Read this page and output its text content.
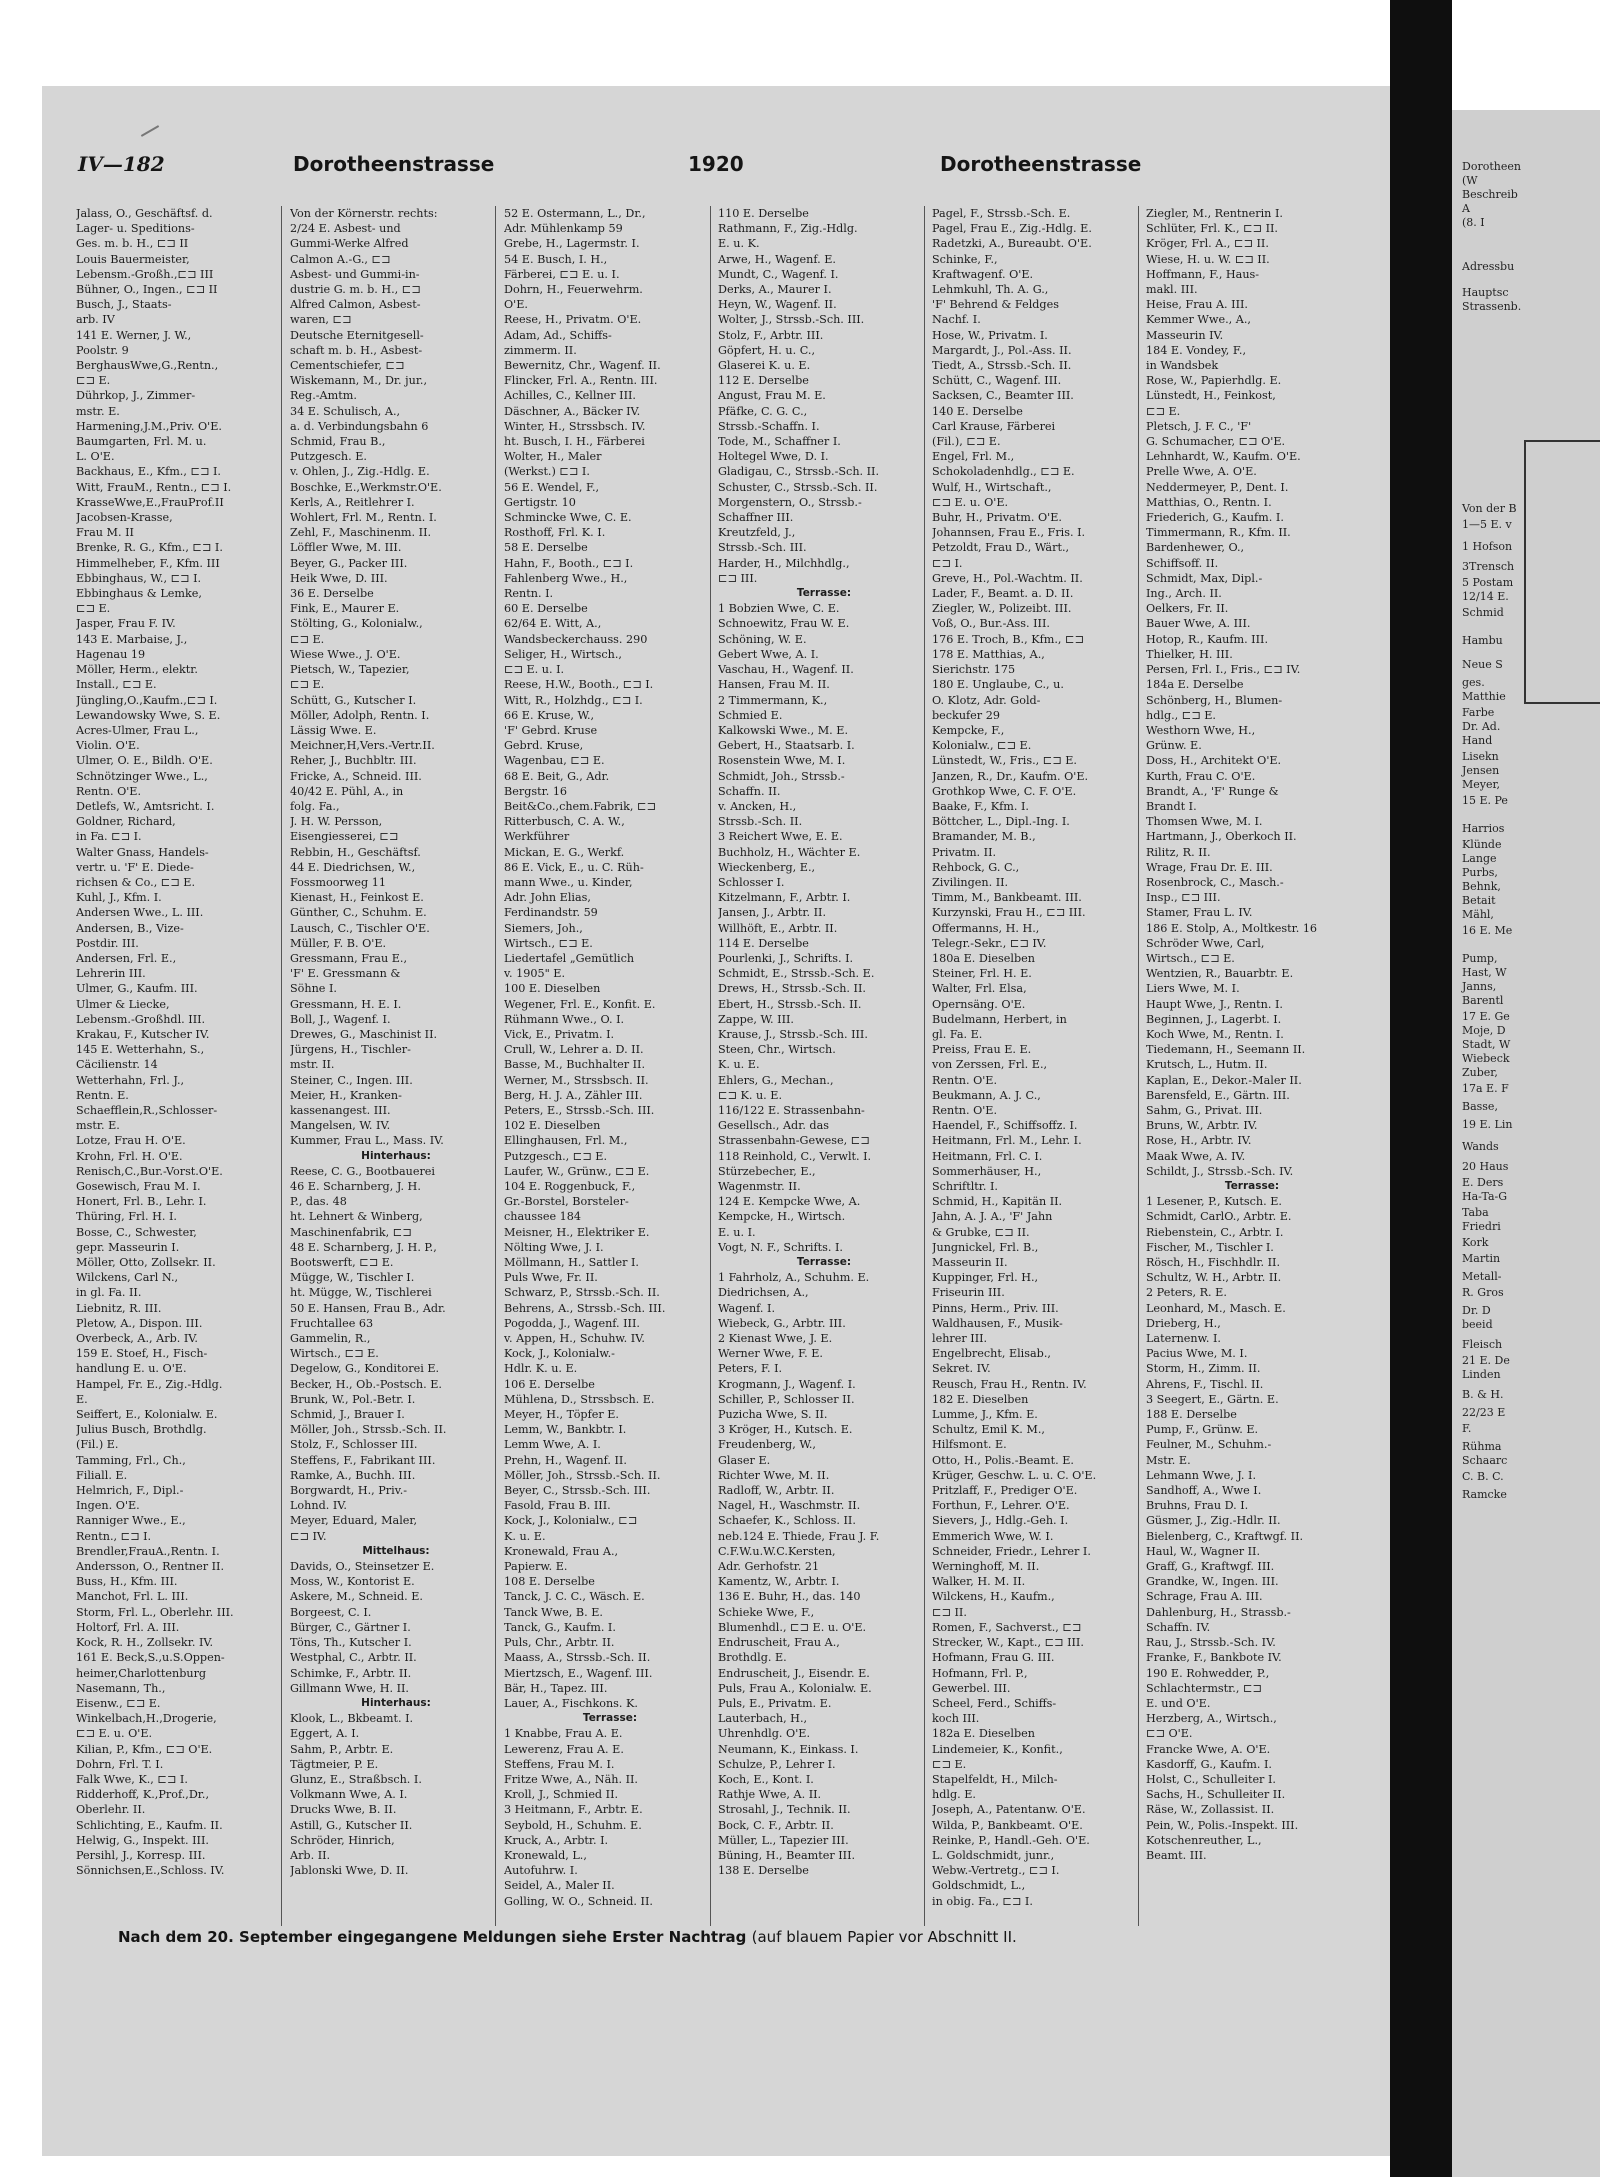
Dorotheen
(W
Beschreib
A
(8. I
Adressbu
Hauptsc
Strassenb.
Von der B
1—5 E. v
1 Hofson
3Trensch
5 Postam
12/14 E.
Schmid
Hambu
Neue S
ges.
Matthie
Farbe
Dr. Ad.
Hand
Lisekn
Jensen
Meyer,
15 E. Pe
Harrios
Klünde
Lange
Purbs,
Behnk,
Betait
Mähl,
16 E. Me
Pump,
Hast, W
Janns,
Barentl
17 E. Ge
Moje, D
Stadt, W
Wiebeck
Zuber,
17a E. F
Basse,
19 E. Lin
Wands
20 Haus
E. Ders
Ha-Ta-G
Taba
Friedri
Kork
Martin
Metall-
R. Gros
Dr. D
beeid
Fleisch
21 E. De
Linden
B. & H.
22/23 E
F.
Rühma
Schaarc
C. B. C.
Ramcke
IV—182	Dorotheenstrasse	1920	Dorotheenstrasse
Jalass, O., Geschäftsf. d.
Lager- u. Speditions-
Ges. m. b. H., ⊏⊐ II
Louis Bauermeister,
Lebensm.-Großh.,⊏⊐ III
Bühner, O., Ingen., ⊏⊐ II
Busch, J., Staats-
arb. IV
141 E. Werner, J. W.,
Poolstr. 9
BerghausWwe,G.,Rentn.,
⊏⊐ E.
Dührkop, J., Zimmer-
mstr. E.
Harmening,J.M.,Priv. O'E.
Baumgarten, Frl. M. u.
L. O'E.
Backhaus, E., Kfm., ⊏⊐ I.
Witt, FrauM., Rentn., ⊏⊐ I.
KrasseWwe,E.,FrauProf.II
Jacobsen-Krasse,
Frau M. II
Brenke, R. G., Kfm., ⊏⊐ I.
Himmelheber, F., Kfm. III
Ebbinghaus, W., ⊏⊐ I.
Ebbinghaus & Lemke,
⊏⊐ E.
Jasper, Frau F. IV.
143 E. Marbaise, J.,
Hagenau 19
Möller, Herm., elektr.
Install., ⊏⊐ E.
Jüngling,O.,Kaufm.,⊏⊐ I.
Lewandowsky Wwe, S. E.
Acres-Ulmer, Frau L.,
Violin. O'E.
Ulmer, O. E., Bildh. O'E.
Schnötzinger Wwe., L.,
Rentn. O'E.
Detlefs, W., Amtsricht. I.
Goldner, Richard,
in Fa. ⊏⊐ I.
Walter Gnass, Handels-
vertr. u. 'F' E. Diede-
richsen & Co., ⊏⊐ E.
Kuhl, J., Kfm. I.
Andersen Wwe., L. III.
Andersen, B., Vize-
Postdir. III.
Andersen, Frl. E.,
Lehrerin III.
Ulmer, G., Kaufm. III.
Ulmer & Liecke,
Lebensm.-Großhdl. III.
Krakau, F., Kutscher IV.
145 E. Wetterhahn, S.,
Cäcilienstr. 14
Wetterhahn, Frl. J.,
Rentn. E.
Schaefflein,R.,Schlosser-
mstr. E.
Lotze, Frau H. O'E.
Krohn, Frl. H. O'E.
Renisch,C.,Bur.-Vorst.O'E.
Gosewisch, Frau M. I.
Honert, Frl. B., Lehr. I.
Thüring, Frl. H. I.
Bosse, C., Schwester,
gepr. Masseurin I.
Möller, Otto, Zollsekr. II.
Wilckens, Carl N.,
in gl. Fa. II.
Liebnitz, R. III.
Pletow, A., Dispon. III.
Overbeck, A., Arb. IV.
159 E. Stoef, H., Fisch-
handlung E. u. O'E.
Hampel, Fr. E., Zig.-Hdlg.
E.
Seiffert, E., Kolonialw. E.
Julius Busch, Brothdlg.
(Fil.) E.
Tamming, Frl., Ch.,
Filiall. E.
Helmrich, F., Dipl.-
Ingen. O'E.
Ranniger Wwe., E.,
Rentn., ⊏⊐ I.
Brendler,FrauA.,Rentn. I.
Andersson, O., Rentner II.
Buss, H., Kfm. III.
Manchot, Frl. L. III.
Storm, Frl. L., Oberlehr. III.
Holtorf, Frl. A. III.
Kock, R. H., Zollsekr. IV.
161 E. Beck,S.,u.S.Oppen-
heimer,Charlottenburg
Nasemann, Th.,
Eisenw., ⊏⊐ E.
Winkelbach,H.,Drogerie,
⊏⊐ E. u. O'E.
Kilian, P., Kfm., ⊏⊐ O'E.
Dohrn, Frl. T. I.
Falk Wwe, K., ⊏⊐ I.
Ridderhoff, K.,Prof.,Dr.,
Oberlehr. II.
Schlichting, E., Kaufm. II.
Helwig, G., Inspekt. III.
Persihl, J., Korresp. III.
Sönnichsen,E.,Schloss. IV.
Von der Körnerstr. rechts:
2/24 E. Asbest- und
Gummi-Werke Alfred
Calmon A.-G., ⊏⊐
Asbest- und Gummi-in-
dustrie G. m. b. H., ⊏⊐
Alfred Calmon, Asbest-
waren, ⊏⊐
Deutsche Eternitgesell-
schaft m. b. H., Asbest-
Cementschiefer, ⊏⊐
Wiskemann, M., Dr. jur.,
Reg.-Amtm.
34 E. Schulisch, A.,
a. d. Verbindungsbahn 6
Schmid, Frau B.,
Putzgesch. E.
v. Ohlen, J., Zig.-Hdlg. E.
Boschke, E.,Werkmstr.O'E.
Kerls, A., Reitlehrer I.
Wohlert, Frl. M., Rentn. I.
Zehl, F., Maschinenm. II.
Löffler Wwe, M. III.
Beyer, G., Packer III.
Heik Wwe, D. III.
36 E. Derselbe
Fink, E., Maurer E.
Stölting, G., Kolonialw.,
⊏⊐ E.
Wiese Wwe., J. O'E.
Pietsch, W., Tapezier,
⊏⊐ E.
Schütt, G., Kutscher I.
Möller, Adolph, Rentn. I.
Lässig Wwe. E.
Meichner,H,Vers.-Vertr.II.
Reher, J., Buchbltr. III.
Fricke, A., Schneid. III.
40/42 E. Pühl, A., in
folg. Fa.,
J. H. W. Persson,
Eisengiesserei, ⊏⊐
Rebbin, H., Geschäftsf.
44 E. Diedrichsen, W.,
Fossmoorweg 11
Kienast, H., Feinkost E.
Günther, C., Schuhm. E.
Lausch, C., Tischler O'E.
Müller, F. B. O'E.
Gressmann, Frau E.,
'F' E. Gressmann &
Söhne I.
Gressmann, H. E. I.
Boll, J., Wagenf. I.
Drewes, G., Maschinist II.
Jürgens, H., Tischler-
mstr. II.
Steiner, C., Ingen. III.
Meier, H., Kranken-
kassenangest. III.
Mangelsen, W. IV.
Kummer, Frau L., Mass. IV.
Hinterhaus:
Reese, C. G., Bootbauerei
46 E. Scharnberg, J. H.
P., das. 48
ht. Lehnert & Winberg,
Maschinenfabrik, ⊏⊐
48 E. Scharnberg, J. H. P.,
Bootswerft, ⊏⊐ E.
Mügge, W., Tischler I.
ht. Mügge, W., Tischlerei
50 E. Hansen, Frau B., Adr.
Fruchtallee 63
Gammelin, R.,
Wirtsch., ⊏⊐ E.
Degelow, G., Konditorei E.
Becker, H., Ob.-Postsch. E.
Brunk, W., Pol.-Betr. I.
Schmid, J., Brauer I.
Möller, Joh., Strssb.-Sch. II.
Stolz, F., Schlosser III.
Steffens, F., Fabrikant III.
Ramke, A., Buchh. III.
Borgwardt, H., Priv.-
Lohnd. IV.
Meyer, Eduard, Maler,
⊏⊐ IV.
Mittelhaus:
Davids, O., Steinsetzer E.
Moss, W., Kontorist E.
Askere, M., Schneid. E.
Borgeest, C. I.
Bürger, C., Gärtner I.
Töns, Th., Kutscher I.
Westphal, C., Arbtr. II.
Schimke, F., Arbtr. II.
Gillmann Wwe, H. II.
Hinterhaus:
Klook, L., Bkbeamt. I.
Eggert, A. I.
Sahm, P., Arbtr. E.
Tägtmeier, P. E.
Glunz, E., Straßbsch. I.
Volkmann Wwe, A. I.
Drucks Wwe, B. II.
Astill, G., Kutscher II.
Schröder, Hinrich,
Arb. II.
Jablonski Wwe, D. II.
52 E. Ostermann, L., Dr.,
Adr. Mühlenkamp 59
Grebe, H., Lagermstr. I.
54 E. Busch, I. H.,
Färberei, ⊏⊐ E. u. I.
Dohrn, H., Feuerwehrm.
O'E.
Reese, H., Privatm. O'E.
Adam, Ad., Schiffs-
zimmerm. II.
Bewernitz, Chr., Wagenf. II.
Flincker, Frl. A., Rentn. III.
Achilles, C., Kellner III.
Däschner, A., Bäcker IV.
Winter, H., Strssbsch. IV.
ht. Busch, I. H., Färberei
Wolter, H., Maler
(Werkst.) ⊏⊐ I.
56 E. Wendel, F.,
Gertigstr. 10
Schmincke Wwe, C. E.
Rosthoff, Frl. K. I.
58 E. Derselbe
Hahn, F., Booth., ⊏⊐ I.
Fahlenberg Wwe., H.,
Rentn. I.
60 E. Derselbe
62/64 E. Witt, A.,
Wandsbeckerchauss. 290
Seliger, H., Wirtsch.,
⊏⊐ E. u. I.
Reese, H.W., Booth., ⊏⊐ I.
Witt, R., Holzhdg., ⊏⊐ I.
66 E. Kruse, W.,
'F' Gebrd. Kruse
Gebrd. Kruse,
Wagenbau, ⊏⊐ E.
68 E. Beit, G., Adr.
Bergstr. 16
Beit&Co.,chem.Fabrik, ⊏⊐
Ritterbusch, C. A. W.,
Werkführer
Mickan, E. G., Werkf.
86 E. Vick, E., u. C. Rüh-
mann Wwe., u. Kinder,
Adr. John Elias,
Ferdinandstr. 59
Siemers, Joh.,
Wirtsch., ⊏⊐ E.
Liedertafel „Gemütlich
v. 1905" E.
100 E. Dieselben
Wegener, Frl. E., Konfit. E.
Rühmann Wwe., O. I.
Vick, E., Privatm. I.
Crull, W., Lehrer a. D. II.
Basse, M., Buchhalter II.
Werner, M., Strssbsch. II.
Berg, H. J. A., Zähler III.
Peters, E., Strssb.-Sch. III.
102 E. Dieselben
Ellinghausen, Frl. M.,
Putzgesch., ⊏⊐ E.
Laufer, W., Grünw., ⊏⊐ E.
104 E. Roggenbuck, F.,
Gr.-Borstel, Borsteler-
chaussee 184
Meisner, H., Elektriker E.
Nölting Wwe, J. I.
Möllmann, H., Sattler I.
Puls Wwe, Fr. II.
Schwarz, P., Strssb.-Sch. II.
Behrens, A., Strssb.-Sch. III.
Pogodda, J., Wagenf. III.
v. Appen, H., Schuhw. IV.
Kock, J., Kolonialw.-
Hdlr. K. u. E.
106 E. Derselbe
Mühlena, D., Strssbsch. E.
Meyer, H., Töpfer E.
Lemm, W., Bankbtr. I.
Lemm Wwe, A. I.
Prehn, H., Wagenf. II.
Möller, Joh., Strssb.-Sch. II.
Beyer, C., Strssb.-Sch. III.
Fasold, Frau B. III.
Kock, J., Kolonialw., ⊏⊐
K. u. E.
Kronewald, Frau A.,
Papierw. E.
108 E. Derselbe
Tanck, J. C. C., Wäsch. E.
Tanck Wwe, B. E.
Tanck, G., Kaufm. I.
Puls, Chr., Arbtr. II.
Maass, A., Strssb.-Sch. II.
Miertzsch, E., Wagenf. III.
Bär, H., Tapez. III.
Lauer, A., Fischkons. K.
Terrasse:
1 Knabbe, Frau A. E.
Lewerenz, Frau A. E.
Steffens, Frau M. I.
Fritze Wwe, A., Näh. II.
Kroll, J., Schmied II.
3 Heitmann, F., Arbtr. E.
Seybold, H., Schuhm. E.
Kruck, A., Arbtr. I.
Kronewald, L.,
Autofuhrw. I.
Seidel, A., Maler II.
Golling, W. O., Schneid. II.
110 E. Derselbe
Rathmann, F., Zig.-Hdlg.
E. u. K.
Arwe, H., Wagenf. E.
Mundt, C., Wagenf. I.
Derks, A., Maurer I.
Heyn, W., Wagenf. II.
Wolter, J., Strssb.-Sch. III.
Stolz, F., Arbtr. III.
Göpfert, H. u. C.,
Glaserei K. u. E.
112 E. Derselbe
Angust, Frau M. E.
Pfäfke, C. G. C.,
Strssb.-Schaffn. I.
Tode, M., Schaffner I.
Holtegel Wwe, D. I.
Gladigau, C., Strssb.-Sch. II.
Schuster, C., Strssb.-Sch. II.
Morgenstern, O., Strssb.-
Schaffner III.
Kreutzfeld, J.,
Strssb.-Sch. III.
Harder, H., Milchhdlg.,
⊏⊐ III.
Terrasse:
1 Bobzien Wwe, C. E.
Schnoewitz, Frau W. E.
Schöning, W. E.
Gebert Wwe, A. I.
Vaschau, H., Wagenf. II.
Hansen, Frau M. II.
2 Timmermann, K.,
Schmied E.
Kalkowski Wwe., M. E.
Gebert, H., Staatsarb. I.
Rosenstein Wwe, M. I.
Schmidt, Joh., Strssb.-
Schaffn. II.
v. Ancken, H.,
Strssb.-Sch. II.
3 Reichert Wwe, E. E.
Buchholz, H., Wächter E.
Wieckenberg, E.,
Schlosser I.
Kitzelmann, F., Arbtr. I.
Jansen, J., Arbtr. II.
Willhöft, E., Arbtr. II.
114 E. Derselbe
Pourlenki, J., Schrifts. I.
Schmidt, E., Strssb.-Sch. E.
Drews, H., Strssb.-Sch. II.
Ebert, H., Strssb.-Sch. II.
Zappe, W. III.
Krause, J., Strssb.-Sch. III.
Steen, Chr., Wirtsch.
K. u. E.
Ehlers, G., Mechan.,
⊏⊐ K. u. E.
116/122 E. Strassenbahn-
Gesellsch., Adr. das
Strassenbahn-Gewese, ⊏⊐
118 Reinhold, C., Verwlt. I.
Stürzebecher, E.,
Wagenmstr. II.
124 E. Kempcke Wwe, A.
Kempcke, H., Wirtsch.
E. u. I.
Vogt, N. F., Schrifts. I.
Terrasse:
1 Fahrholz, A., Schuhm. E.
Diedrichsen, A.,
Wagenf. I.
Wiebeck, G., Arbtr. III.
2 Kienast Wwe, J. E.
Werner Wwe, F. E.
Peters, F. I.
Krogmann, J., Wagenf. I.
Schiller, P., Schlosser II.
Puzicha Wwe, S. II.
3 Kröger, H., Kutsch. E.
Freudenberg, W.,
Glaser E.
Richter Wwe, M. II.
Radloff, W., Arbtr. II.
Nagel, H., Waschmstr. II.
Schaefer, K., Schloss. II.
neb.124 E. Thiede, Frau J. F.
C.F.W.u.W.C.Kersten,
Adr. Gerhofstr. 21
Kamentz, W., Arbtr. I.
136 E. Buhr, H., das. 140
Schieke Wwe, F.,
Blumenhdl., ⊏⊐ E. u. O'E.
Endruscheit, Frau A.,
Brothdlg. E.
Endruscheit, J., Eisendr. E.
Puls, Frau A., Kolonialw. E.
Puls, E., Privatm. E.
Lauterbach, H.,
Uhrenhdlg. O'E.
Neumann, K., Einkass. I.
Schulze, P., Lehrer I.
Koch, E., Kont. I.
Rathje Wwe, A. II.
Strosahl, J., Technik. II.
Bock, C. F., Arbtr. II.
Müller, L., Tapezier III.
Büning, H., Beamter III.
138 E. Derselbe
Pagel, F., Strssb.-Sch. E.
Pagel, Frau E., Zig.-Hdlg. E.
Radetzki, A., Bureaubt. O'E.
Schinke, F.,
Kraftwagenf. O'E.
Lehmkuhl, Th. A. G.,
'F' Behrend & Feldges
Nachf. I.
Hose, W., Privatm. I.
Margardt, J., Pol.-Ass. II.
Tiedt, A., Strssb.-Sch. II.
Schütt, C., Wagenf. III.
Sacksen, C., Beamter III.
140 E. Derselbe
Carl Krause, Färberei
(Fil.), ⊏⊐ E.
Engel, Frl. M.,
Schokoladenhdlg., ⊏⊐ E.
Wulf, H., Wirtschaft.,
⊏⊐ E. u. O'E.
Buhr, H., Privatm. O'E.
Johannsen, Frau E., Fris. I.
Petzoldt, Frau D., Wärt.,
⊏⊐ I.
Greve, H., Pol.-Wachtm. II.
Lader, F., Beamt. a. D. II.
Ziegler, W., Polizeibt. III.
Voß, O., Bur.-Ass. III.
176 E. Troch, B., Kfm., ⊏⊐
178 E. Matthias, A.,
Sierichstr. 175
180 E. Unglaube, C., u.
O. Klotz, Adr. Gold-
beckufer 29
Kempcke, F.,
Kolonialw., ⊏⊐ E.
Lünstedt, W., Fris., ⊏⊐ E.
Janzen, R., Dr., Kaufm. O'E.
Grothkop Wwe, C. F. O'E.
Baake, F., Kfm. I.
Böttcher, L., Dipl.-Ing. I.
Bramander, M. B.,
Privatm. II.
Rehbock, G. C.,
Zivilingen. II.
Timm, M., Bankbeamt. III.
Kurzynski, Frau H., ⊏⊐ III.
Offermanns, H. H.,
Telegr.-Sekr., ⊏⊐ IV.
180a E. Dieselben
Steiner, Frl. H. E.
Walter, Frl. Elsa,
Opernsäng. O'E.
Budelmann, Herbert, in
gl. Fa. E.
Preiss, Frau E. E.
von Zerssen, Frl. E.,
Rentn. O'E.
Beukmann, A. J. C.,
Rentn. O'E.
Haendel, F., Schiffsoffz. I.
Heitmann, Frl. M., Lehr. I.
Heitmann, Frl. C. I.
Sommerhäuser, H.,
Schriftltr. I.
Schmid, H., Kapitän II.
Jahn, A. J. A., 'F' Jahn
& Grubke, ⊏⊐ II.
Jungnickel, Frl. B.,
Masseurin II.
Kuppinger, Frl. H.,
Friseurin III.
Pinns, Herm., Priv. III.
Waldhausen, F., Musik-
lehrer III.
Engelbrecht, Elisab.,
Sekret. IV.
Reusch, Frau H., Rentn. IV.
182 E. Dieselben
Lumme, J., Kfm. E.
Schultz, Emil K. M.,
Hilfsmont. E.
Otto, H., Polis.-Beamt. E.
Krüger, Geschw. L. u. C. O'E.
Pritzlaff, F., Prediger O'E.
Forthun, F., Lehrer. O'E.
Sievers, J., Hdlg.-Geh. I.
Emmerich Wwe, W. I.
Schneider, Friedr., Lehrer I.
Werninghoff, M. II.
Walker, H. M. II.
Wilckens, H., Kaufm.,
⊏⊐ II.
Romen, F., Sachverst., ⊏⊐
Strecker, W., Kapt., ⊏⊐ III.
Hofmann, Frau G. III.
Hofmann, Frl. P.,
Gewerbel. III.
Scheel, Ferd., Schiffs-
koch III.
182a E. Dieselben
Lindemeier, K., Konfit.,
⊏⊐ E.
Stapelfeldt, H., Milch-
hdlg. E.
Joseph, A., Patentanw. O'E.
Wilda, P., Bankbeamt. O'E.
Reinke, P., Handl.-Geh. O'E.
L. Goldschmidt, junr.,
Webw.-Vertretg., ⊏⊐ I.
Goldschmidt, L.,
in obig. Fa., ⊏⊐ I.
Ziegler, M., Rentnerin I.
Schlüter, Frl. K., ⊏⊐ II.
Kröger, Frl. A., ⊏⊐ II.
Wiese, H. u. W. ⊏⊐ II.
Hoffmann, F., Haus-
makl. III.
Heise, Frau A. III.
Kemmer Wwe., A.,
Masseurin IV.
184 E. Vondey, F.,
in Wandsbek
Rose, W., Papierhdlg. E.
Lünstedt, H., Feinkost,
⊏⊐ E.
Pletsch, J. F. C., 'F'
G. Schumacher, ⊏⊐ O'E.
Lehnhardt, W., Kaufm. O'E.
Prelle Wwe, A. O'E.
Neddermeyer, P., Dent. I.
Matthias, O., Rentn. I.
Friederich, G., Kaufm. I.
Timmermann, R., Kfm. II.
Bardenhewer, O.,
Schiffsoff. II.
Schmidt, Max, Dipl.-
Ing., Arch. II.
Oelkers, Fr. II.
Bauer Wwe, A. III.
Hotop, R., Kaufm. III.
Thielker, H. III.
Persen, Frl. I., Fris., ⊏⊐ IV.
184a E. Derselbe
Schönberg, H., Blumen-
hdlg., ⊏⊐ E.
Westhorn Wwe, H.,
Grünw. E.
Doss, H., Architekt O'E.
Kurth, Frau C. O'E.
Brandt, A., 'F' Runge &
Brandt I.
Thomsen Wwe, M. I.
Hartmann, J., Oberkoch II.
Rilitz, R. II.
Wrage, Frau Dr. E. III.
Rosenbrock, C., Masch.-
Insp., ⊏⊐ III.
Stamer, Frau L. IV.
186 E. Stolp, A., Moltkestr. 16
Schröder Wwe, Carl,
Wirtsch., ⊏⊐ E.
Wentzien, R., Bauarbtr. E.
Liers Wwe, M. I.
Haupt Wwe, J., Rentn. I.
Beginnen, J., Lagerbt. I.
Koch Wwe, M., Rentn. I.
Tiedemann, H., Seemann II.
Krutsch, L., Hutm. II.
Kaplan, E., Dekor.-Maler II.
Barensfeld, E., Gärtn. III.
Sahm, G., Privat. III.
Bruns, W., Arbtr. IV.
Rose, H., Arbtr. IV.
Maak Wwe, A. IV.
Schildt, J., Strssb.-Sch. IV.
Terrasse:
1 Lesener, P., Kutsch. E.
Schmidt, CarlO., Arbtr. E.
Riebenstein, C., Arbtr. I.
Fischer, M., Tischler I.
Rösch, H., Fischhdlr. II.
Schultz, W. H., Arbtr. II.
2 Peters, R. E.
Leonhard, M., Masch. E.
Drieberg, H.,
Laternenw. I.
Pacius Wwe, M. I.
Storm, H., Zimm. II.
Ahrens, F., Tischl. II.
3 Seegert, E., Gärtn. E.
188 E. Derselbe
Pump, F., Grünw. E.
Feulner, M., Schuhm.-
Mstr. E.
Lehmann Wwe, J. I.
Sandhoff, A., Wwe I.
Bruhns, Frau D. I.
Güsmer, J., Zig.-Hdlr. II.
Bielenberg, C., Kraftwgf. II.
Haul, W., Wagner II.
Graff, G., Kraftwgf. III.
Grandke, W., Ingen. III.
Schrage, Frau A. III.
Dahlenburg, H., Strassb.-
Schaffn. IV.
Rau, J., Strssb.-Sch. IV.
Franke, F., Bankbote IV.
190 E. Rohwedder, P.,
Schlachtermstr., ⊏⊐
E. und O'E.
Herzberg, A., Wirtsch.,
⊏⊐ O'E.
Francke Wwe, A. O'E.
Kasdorff, G., Kaufm. I.
Holst, C., Schulleiter I.
Sachs, H., Schulleiter II.
Räse, W., Zollassist. II.
Pein, W., Polis.-Inspekt. III.
Kotschenreuther, L.,
Beamt. III.
Nach dem 20. September eingegangene Meldungen siehe Erster Nachtrag (auf blauem Papier vor Abschnitt II.
